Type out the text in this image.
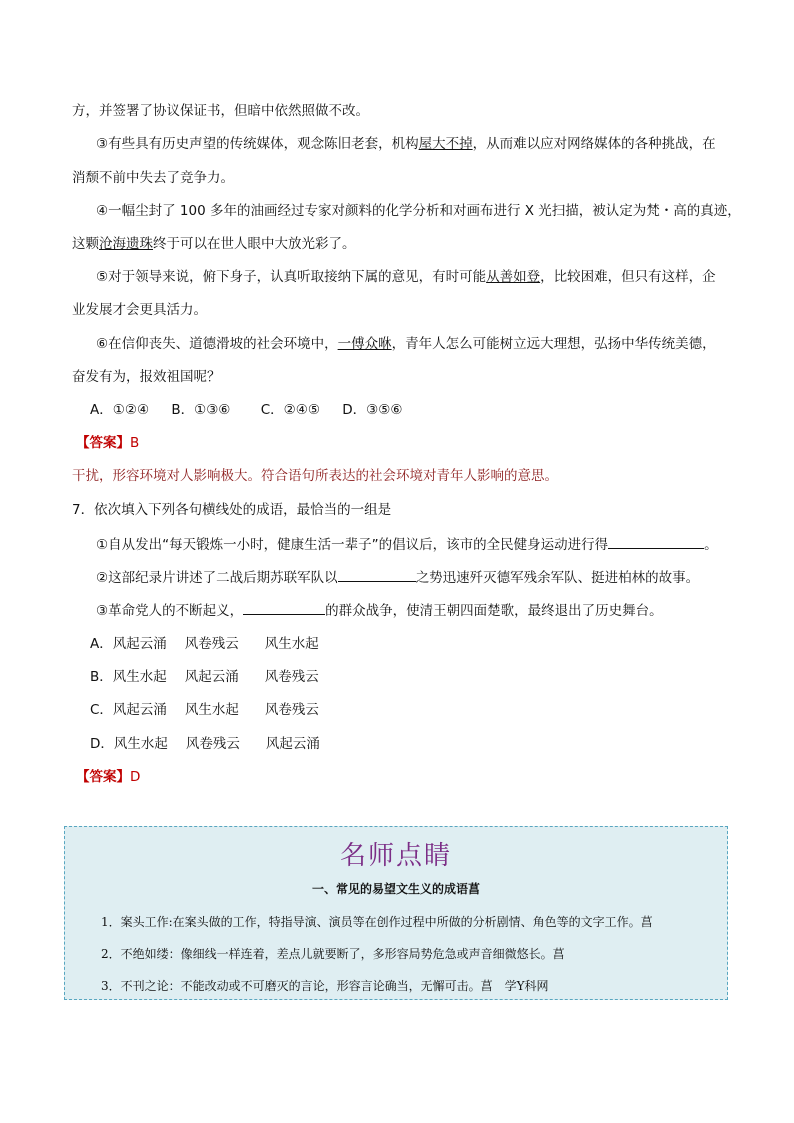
方，并签署了协议保证书，但暗中依然照做不改。
③有些具有历史声望的传统媒体，观念陈旧老套，机构屋大不掉，从而难以应对网络媒体的各种挑战，在
消颓不前中失去了竞争力。
④一幅尘封了 100 多年的油画经过专家对颜料的化学分析和对画布进行 X 光扫描，被认定为梵・高的真迹，
这颗沧海遗珠终于可以在世人眼中大放光彩了。
⑤对于领导来说，俯下身子，认真听取接纳下属的意见，有时可能从善如登，比较困难，但只有这样，企
业发展才会更具活力。
⑥在信仰丧失、道德滑坡的社会环境中，一傅众咻，青年人怎么可能树立远大理想，弘扬中华传统美德，
奋发有为，报效祖国呢？
A．①②④ B．①③⑥ C．②④⑤ D．③⑤⑥
【答案】B
干扰，形容环境对人影响极大。符合语句所表达的社会环境对青年人影响的意思。
7．依次填入下列各句横线处的成语，最恰当的一组是
①自从发出“每天锻炼一小时，健康生活一辈子”的倡议后，该市的全民健身运动进行得	。
②这部纪录片讲述了二战后期苏联军队以	之势迅速歼灭德军残余军队、挺进柏林的故事。
③革命党人的不断起义，	的群众战争，使清王朝四面楚歌，最终退出了历史舞台。
A．风起云涌 风卷残云 风生水起
B．风生水起 风起云涌 风卷残云
C．风起云涌 风生水起 风卷残云
D．风生水起 风卷残云 风起云涌
【答案】D
名师点睛
一、常见的易望文生义的成语菖
1．案头工作:在案头做的工作，特指导演、演员等在创作过程中所做的分析剧情、角色等的文字工作。菖
2．不绝如缕：像细线一样连着，差点儿就要断了，多形容局势危急或声音细微悠长。菖
3．不刊之论：不能改动或不可磨灭的言论，形容言论确当，无懈可击。菖　学Y科网
